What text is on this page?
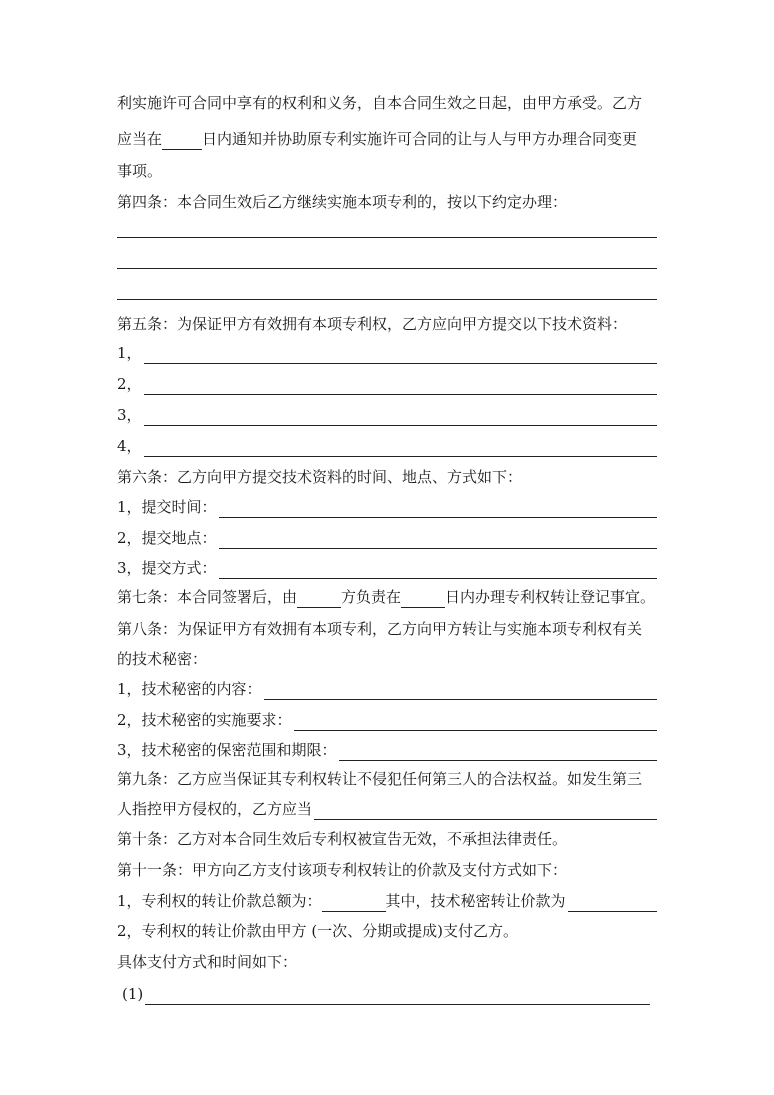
利实施许可合同中享有的权利和义务，自本合同生效之日起，由甲方承受。乙方
应当在	日内通知并协助原专利实施许可合同的让与人与甲方办理合同变更
事项。
第四条：本合同生效后乙方继续实施本项专利的，按以下约定办理：
第五条：为保证甲方有效拥有本项专利权，乙方应向甲方提交以下技术资料：
1，
2，
3，
4，
第六条：乙方向甲方提交技术资料的时间、地点、方式如下：
1，提交时间：
2，提交地点：
3，提交方式：
第七条：本合同签署后，由	方负责在	日内办理专利权转让登记事宜。
第八条：为保证甲方有效拥有本项专利，乙方向甲方转让与实施本项专利权有关
的技术秘密：
1，技术秘密的内容：
2，技术秘密的实施要求：
3，技术秘密的保密范围和期限：
第九条：乙方应当保证其专利权转让不侵犯任何第三人的合法权益。如发生第三
人指控甲方侵权的，乙方应当
第十条：乙方对本合同生效后专利权被宣告无效，不承担法律责任。
第十一条：甲方向乙方支付该项专利权转让的价款及支付方式如下：
1，专利权的转让价款总额为：	其中，技术秘密转让价款为
2，专利权的转让价款由甲方 (一次、分期或提成)支付乙方。
具体支付方式和时间如下：
(1)
